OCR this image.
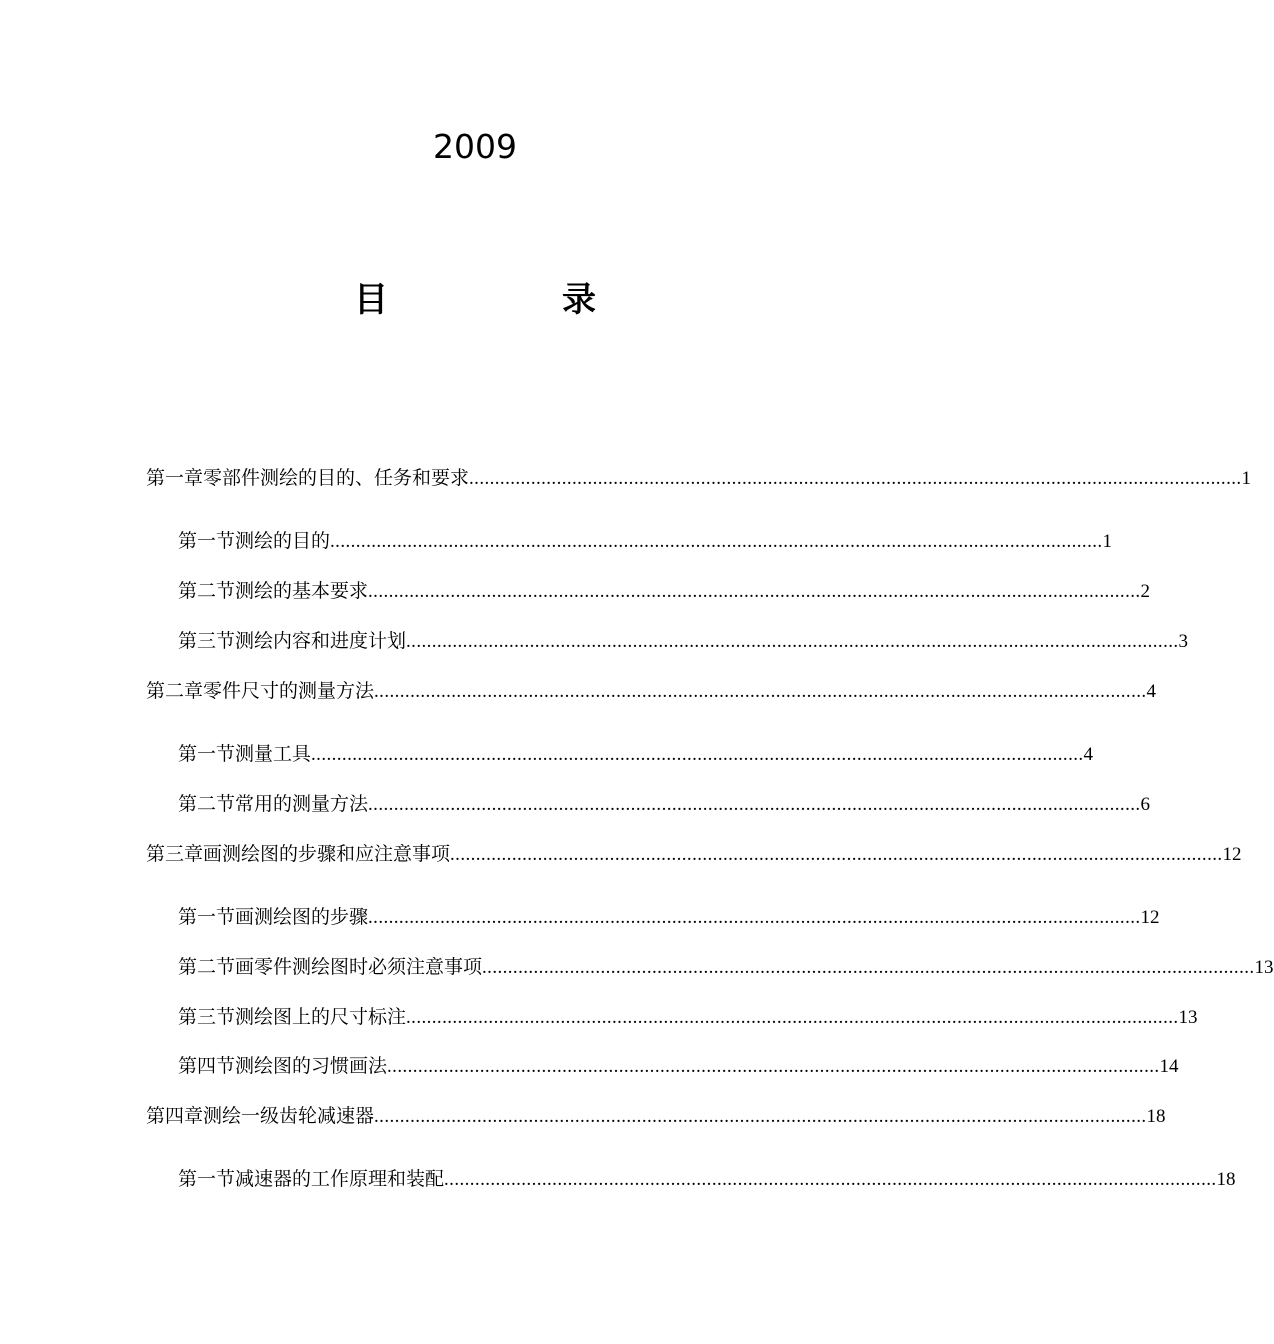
2009
目	录
第一章 零部件测绘的目的、任务和要求 ...................................................................................................................................................... 1
第一节 测绘的目的 ...................................................................................................................................................... 1
第二节 测绘的基本要求 ...................................................................................................................................................... 2
第三节 测绘内容和进度计划 ...................................................................................................................................................... 3
第二章 零件尺寸的测量方法 ...................................................................................................................................................... 4
第一节 测量工具 ...................................................................................................................................................... 4
第二节 常用的测量方法 ...................................................................................................................................................... 6
第三章 画测绘图的步骤和应注意事项 ...................................................................................................................................................... 12
第一节 画测绘图的步骤 ...................................................................................................................................................... 12
第二节 画零件测绘图时必须注意事项 ...................................................................................................................................................... 13
第三节 测绘图上的尺寸标注 ...................................................................................................................................................... 13
第四节 测绘图的习惯画法 ...................................................................................................................................................... 14
第四章 测绘一级齿轮减速器 ...................................................................................................................................................... 18
第一节 减速器的工作原理和装配 ...................................................................................................................................................... 18
